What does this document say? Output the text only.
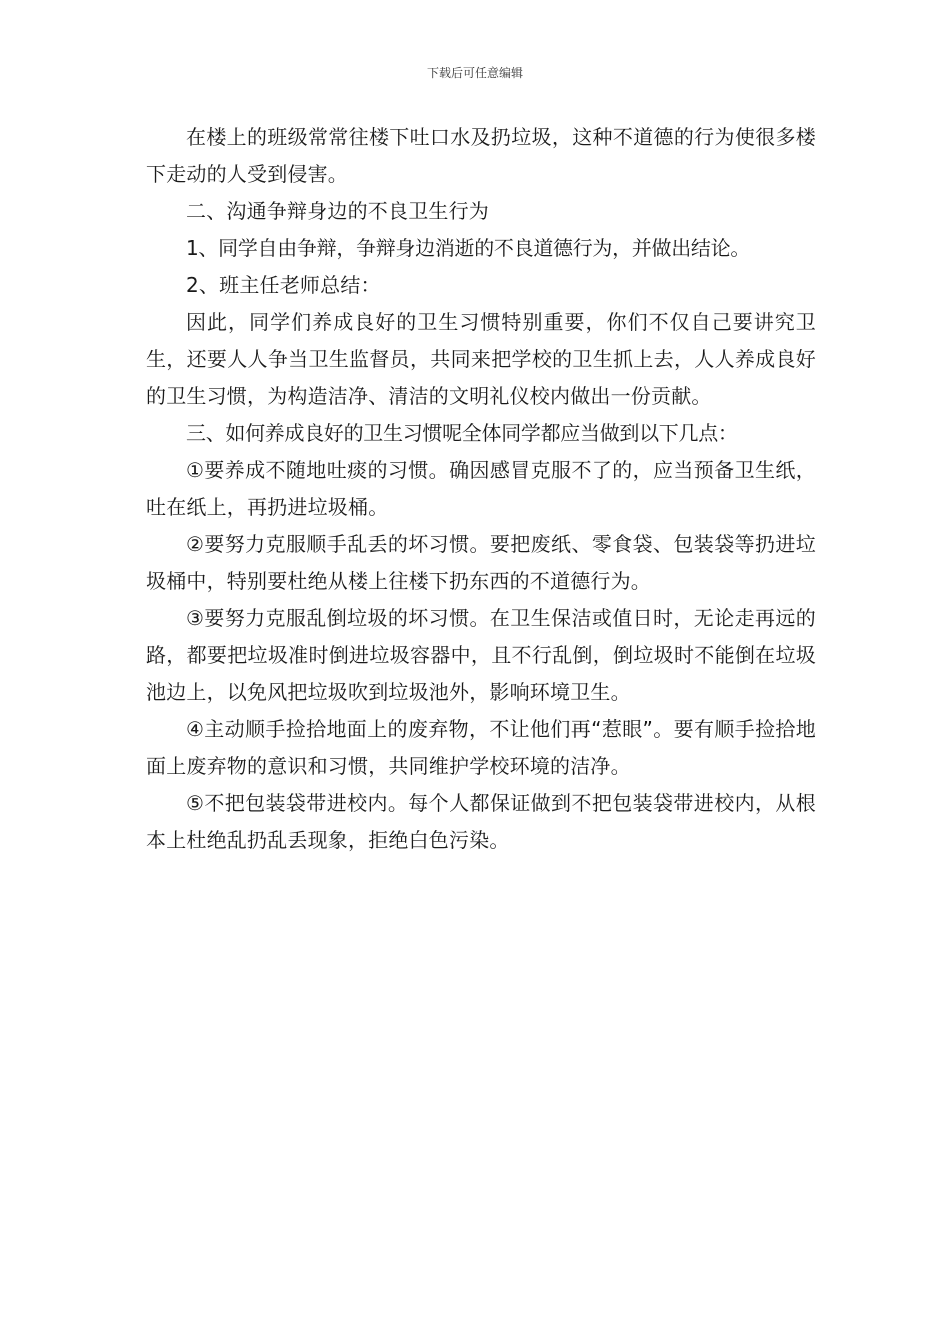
下载后可任意编辑

在楼上的班级常常往楼下吐口水及扔垃圾，这种不道德的行为使很多楼下走动的人受到侵害。

二、沟通争辩身边的不良卫生行为

1、同学自由争辩，争辩身边消逝的不良道德行为，并做出结论。

2、班主任老师总结：

因此，同学们养成良好的卫生习惯特别重要，你们不仅自己要讲究卫生，还要人人争当卫生监督员，共同来把学校的卫生抓上去，人人养成良好的卫生习惯，为构造洁净、清洁的文明礼仪校内做出一份贡献。

三、如何养成良好的卫生习惯呢全体同学都应当做到以下几点：

①要养成不随地吐痰的习惯。确因感冒克服不了的，应当预备卫生纸，吐在纸上，再扔进垃圾桶。

②要努力克服顺手乱丢的坏习惯。要把废纸、零食袋、包装袋等扔进垃圾桶中，特别要杜绝从楼上往楼下扔东西的不道德行为。

③要努力克服乱倒垃圾的坏习惯。在卫生保洁或值日时，无论走再远的路，都要把垃圾准时倒进垃圾容器中，且不行乱倒，倒垃圾时不能倒在垃圾池边上，以免风把垃圾吹到垃圾池外，影响环境卫生。

④主动顺手捡拾地面上的废弃物，不让他们再“惹眼”。要有顺手捡拾地面上废弃物的意识和习惯，共同维护学校环境的洁净。

⑤不把包装袋带进校内。每个人都保证做到不把包装袋带进校内，从根本上杜绝乱扔乱丢现象，拒绝白色污染。
